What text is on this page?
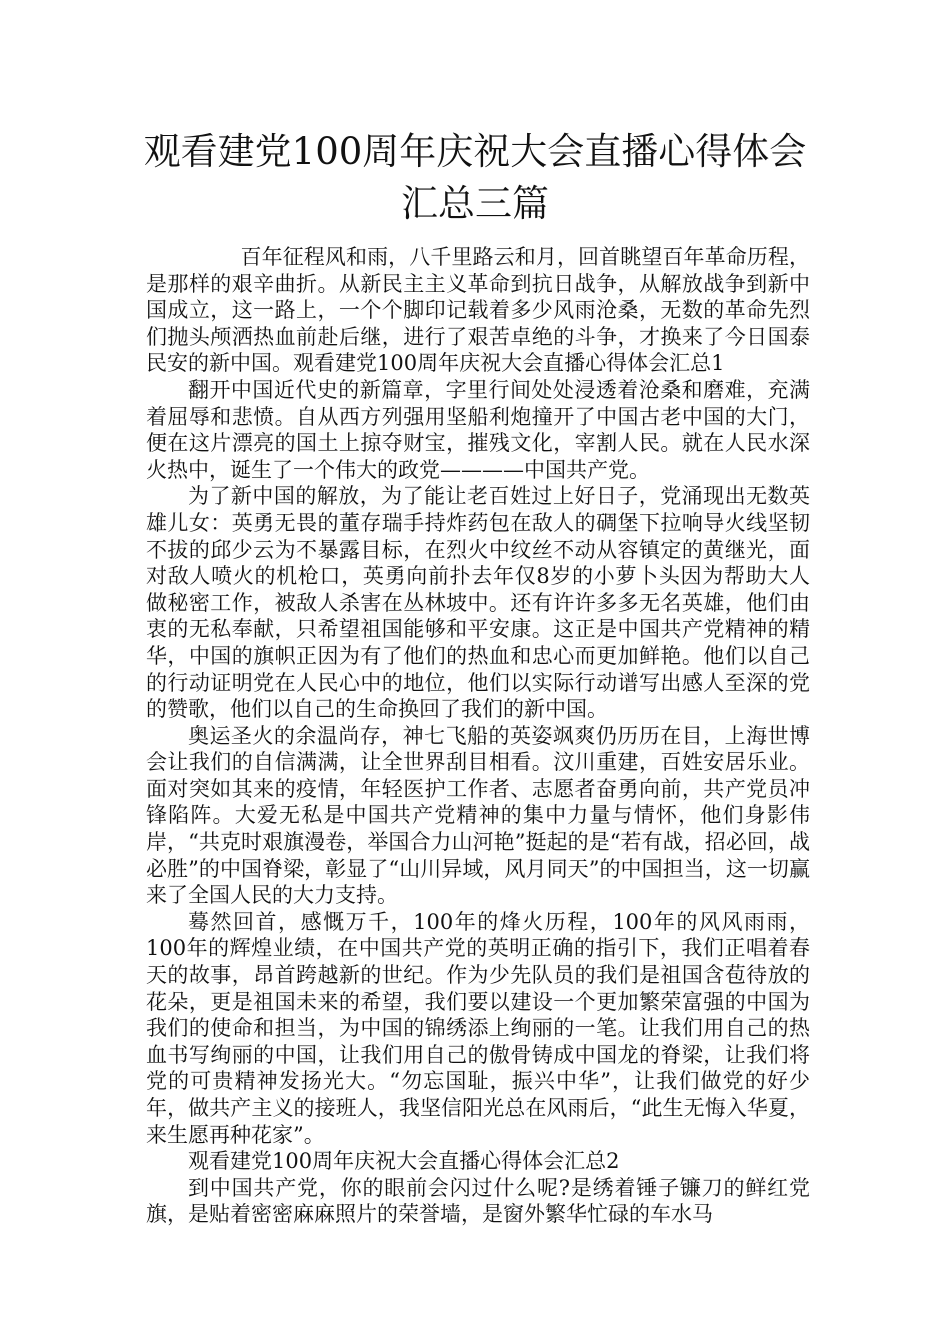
观看建党100周年庆祝大会直播心得体会
汇总三篇

百年征程风和雨，八千里路云和月，回首眺望百年革命历程，是那样的艰辛曲折。从新民主主义革命到抗日战争，从解放战争到新中国成立，这一路上，一个个脚印记载着多少风雨沧桑，无数的革命先烈们抛头颅洒热血前赴后继，进行了艰苦卓绝的斗争，才换来了今日国泰民安的新中国。观看建党100周年庆祝大会直播心得体会汇总1

翻开中国近代史的新篇章，字里行间处处浸透着沧桑和磨难，充满着屈辱和悲愤。自从西方列强用坚船利炮撞开了中国古老中国的大门，便在这片漂亮的国土上掠夺财宝，摧残文化，宰割人民。就在人民水深火热中，诞生了一个伟大的政党————中国共产党。

为了新中国的解放，为了能让老百姓过上好日子，党涌现出无数英雄儿女：英勇无畏的董存瑞手持炸药包在敌人的碉堡下拉响导火线坚韧不拔的邱少云为不暴露目标，在烈火中纹丝不动从容镇定的黄继光，面对敌人喷火的机枪口，英勇向前扑去年仅8岁的小萝卜头因为帮助大人做秘密工作，被敌人杀害在丛林坡中。还有许许多多无名英雄，他们由衷的无私奉献，只希望祖国能够和平安康。这正是中国共产党精神的精华，中国的旗帜正因为有了他们的热血和忠心而更加鲜艳。他们以自己的行动证明党在人民心中的地位，他们以实际行动谱写出感人至深的党的赞歌，他们以自己的生命换回了我们的新中国。

奥运圣火的余温尚存，神七飞船的英姿飒爽仍历历在目，上海世博会让我们的自信满满，让全世界刮目相看。汶川重建，百姓安居乐业。面对突如其来的疫情，年轻医护工作者、志愿者奋勇向前，共产党员冲锋陷阵。大爱无私是中国共产党精神的集中力量与情怀，他们身影伟岸，“共克时艰旗漫卷，举国合力山河艳”挺起的是“若有战，招必回，战必胜”的中国脊梁，彰显了“山川异域，风月同天”的中国担当，这一切赢来了全国人民的大力支持。

蓦然回首，感慨万千，100年的烽火历程，100年的风风雨雨，100年的辉煌业绩，在中国共产党的英明正确的指引下，我们正唱着春天的故事，昂首跨越新的世纪。作为少先队员的我们是祖国含苞待放的花朵，更是祖国未来的希望，我们要以建设一个更加繁荣富强的中国为我们的使命和担当，为中国的锦绣添上绚丽的一笔。让我们用自己的热血书写绚丽的中国，让我们用自己的傲骨铸成中国龙的脊梁，让我们将党的可贵精神发扬光大。“勿忘国耻，振兴中华”，让我们做党的好少年，做共产主义的接班人，我坚信阳光总在风雨后，“此生无悔入华夏，来生愿再种花家”。

观看建党100周年庆祝大会直播心得体会汇总2

到中国共产党，你的眼前会闪过什么呢?是绣着锤子镰刀的鲜红党旗，是贴着密密麻麻照片的荣誉墙，是窗外繁华忙碌的车水马
